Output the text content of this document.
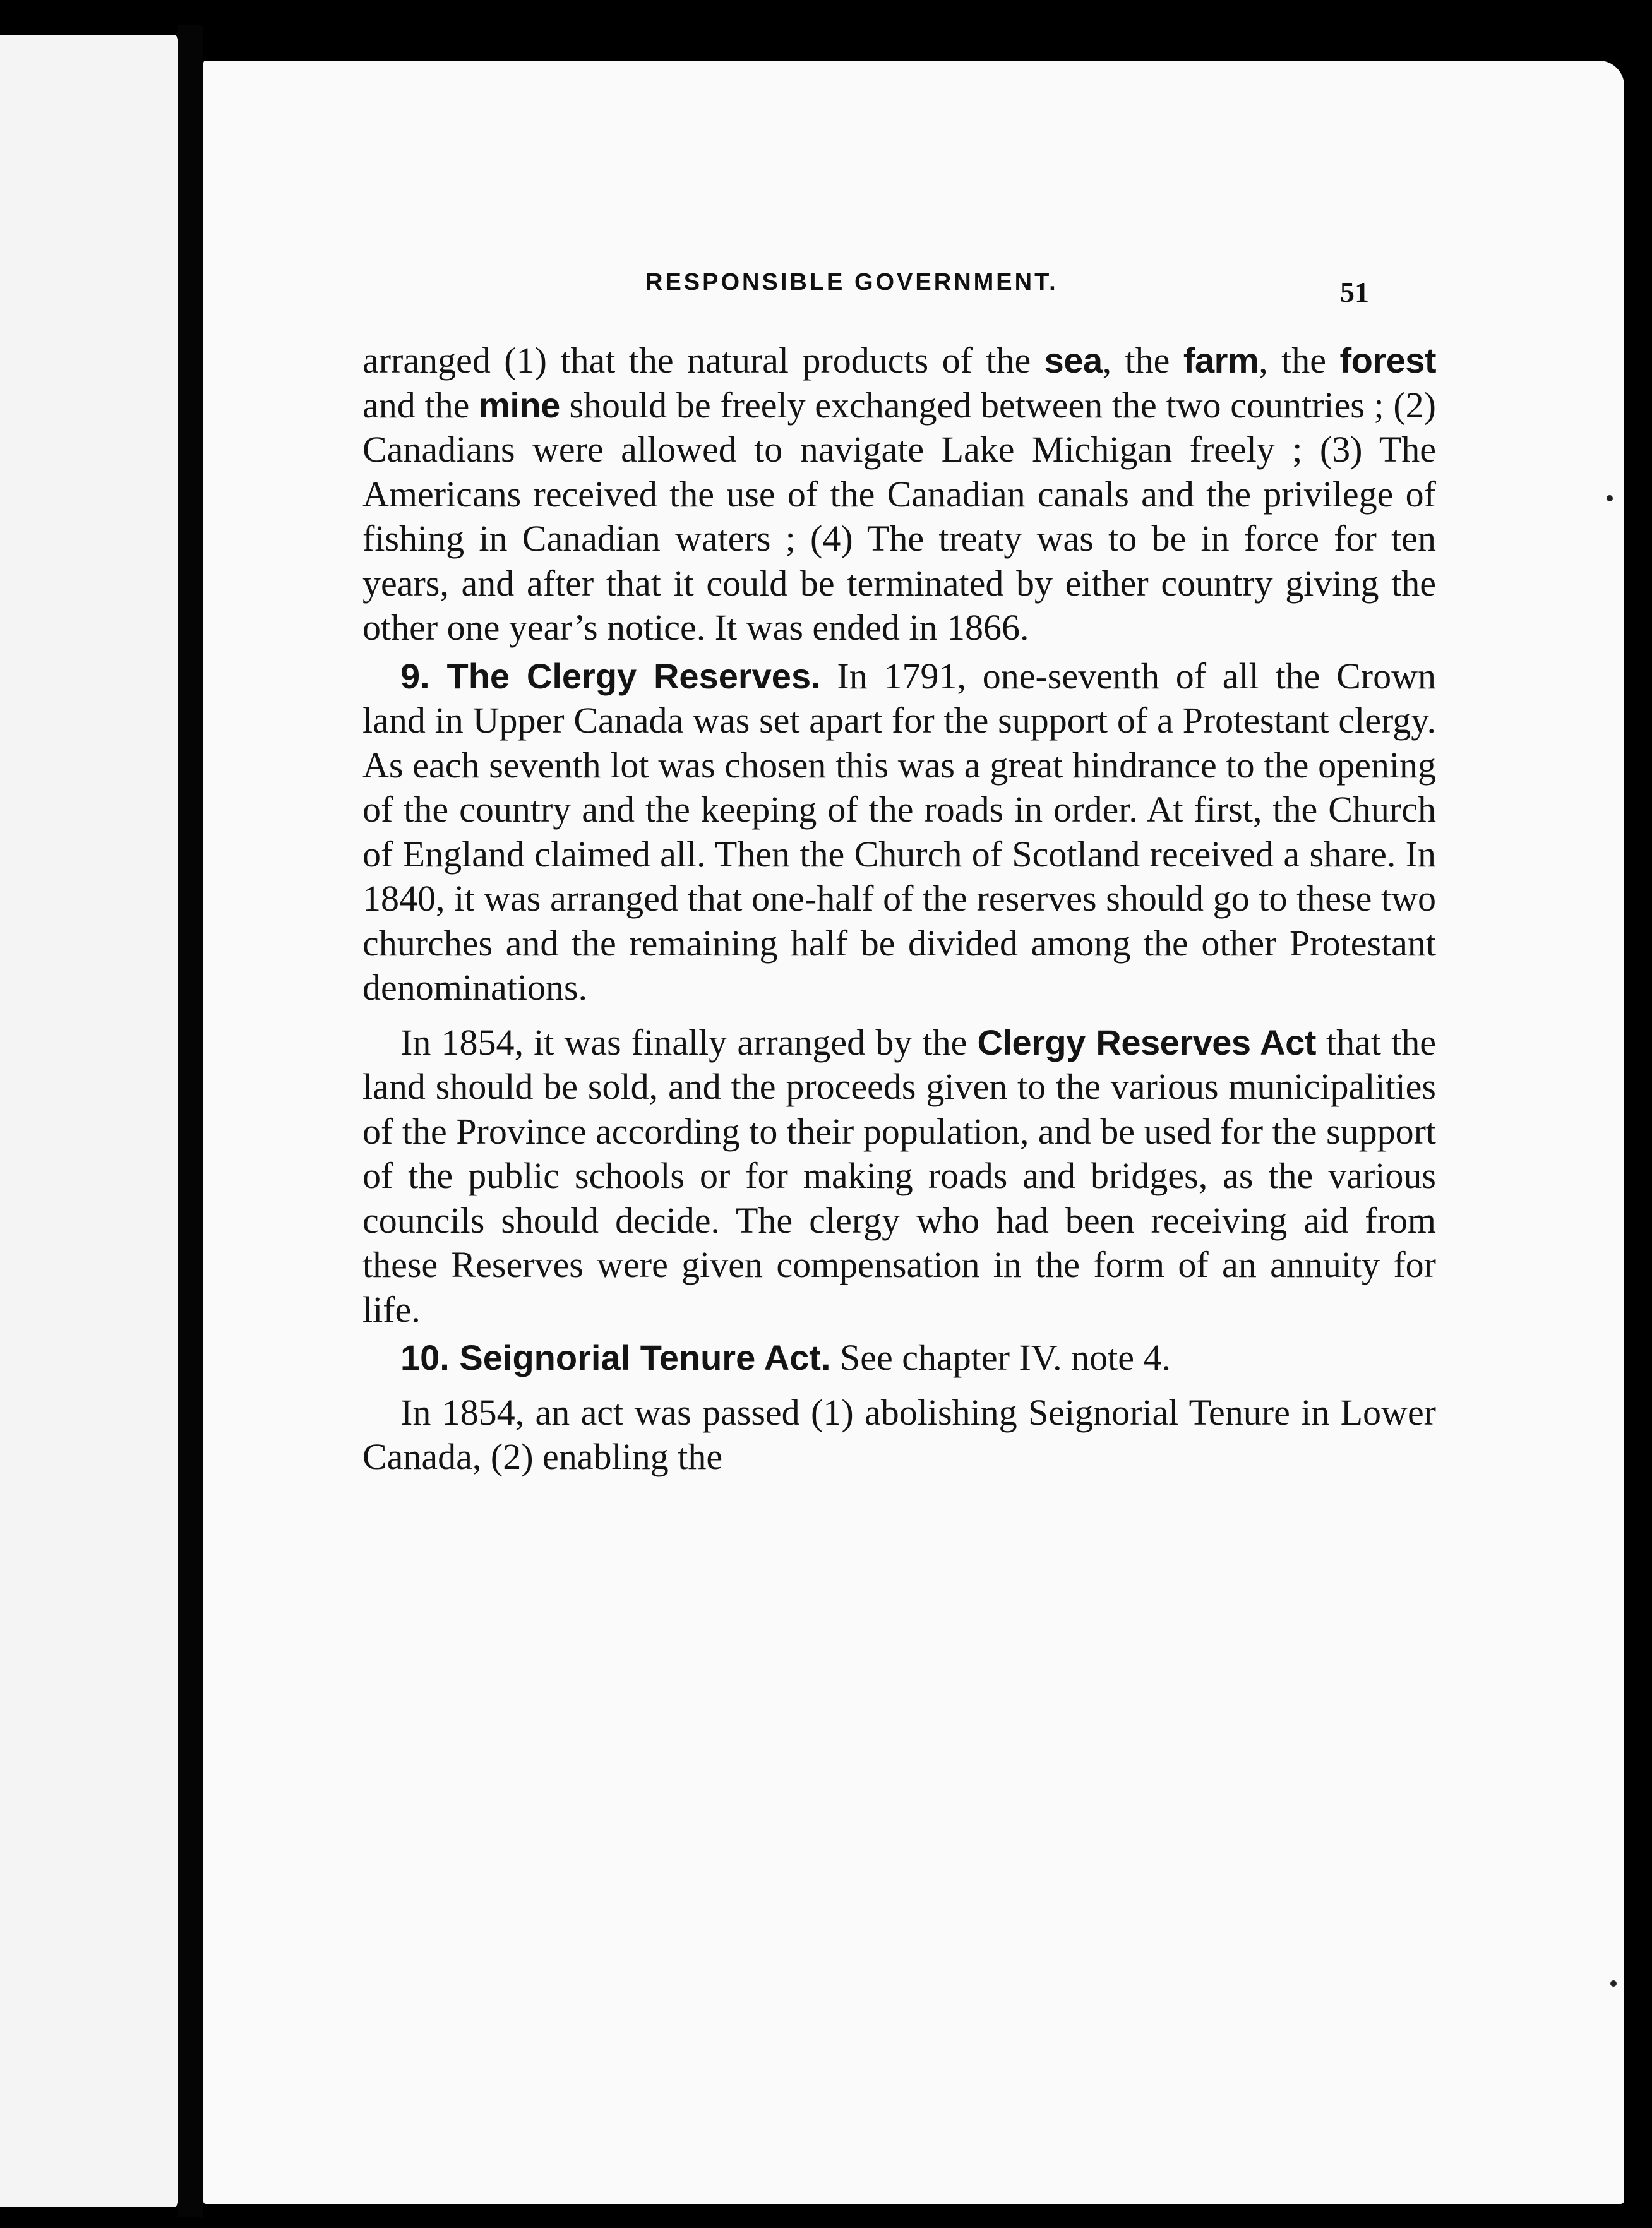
RESPONSIBLE GOVERNMENT.	51

arranged (1) that the natural products of the sea, the farm, the forest and the mine should be freely exchanged between the two countries ; (2) Canadians were allowed to navigate Lake Michigan freely ; (3) The Americans received the use of the Canadian canals and the privilege of fishing in Canadian waters ; (4) The treaty was to be in force for ten years, and after that it could be terminated by either country giving the other one year’s notice. It was ended in 1866.

9. The Clergy Reserves. In 1791, one-seventh of all the Crown land in Upper Canada was set apart for the support of a Protestant clergy. As each seventh lot was chosen this was a great hindrance to the opening of the country and the keeping of the roads in order. At first, the Church of England claimed all. Then the Church of Scotland received a share. In 1840, it was arranged that one-half of the reserves should go to these two churches and the remaining half be divided among the other Protestant denominations.

In 1854, it was finally arranged by the Clergy Reserves Act that the land should be sold, and the proceeds given to the various municipalities of the Province according to their population, and be used for the support of the public schools or for making roads and bridges, as the various councils should decide. The clergy who had been receiving aid from these Reserves were given compensation in the form of an annuity for life.

10. Seignorial Tenure Act. See chapter IV. note 4.

In 1854, an act was passed (1) abolishing Seignorial Tenure in Lower Canada, (2) enabling the
